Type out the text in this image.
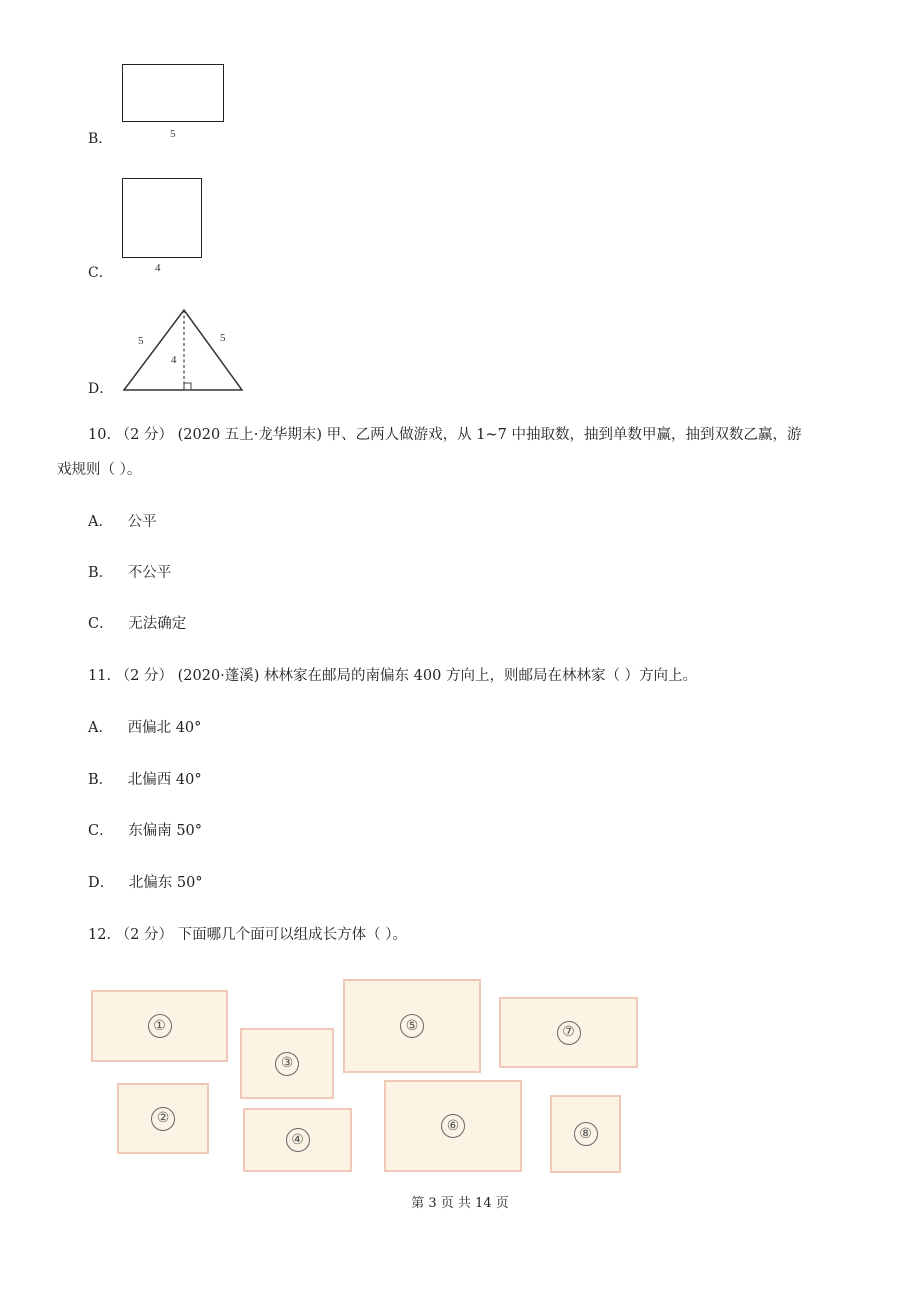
B．	5
C．	4
D．
5	5
4
10. （2 分） (2020 五上·龙华期末) 甲、乙两人做游戏，从 1~7 中抽取数，抽到单数甲赢，抽到双数乙赢，游
戏规则（ ）。
A． 公平
B． 不公平
C． 无法确定
11. （2 分） (2020·蓬溪) 林林家在邮局的南偏东 400 方向上，则邮局在林林家（ ）方向上。
A． 西偏北 40°
B． 北偏西 40°
C． 东偏南 50°
D． 北偏东 50°
12. （2 分） 下面哪几个面可以组成长方体（ ）。
①
②
③
④
⑤
⑥
⑦
⑧
第 3 页 共 14 页
